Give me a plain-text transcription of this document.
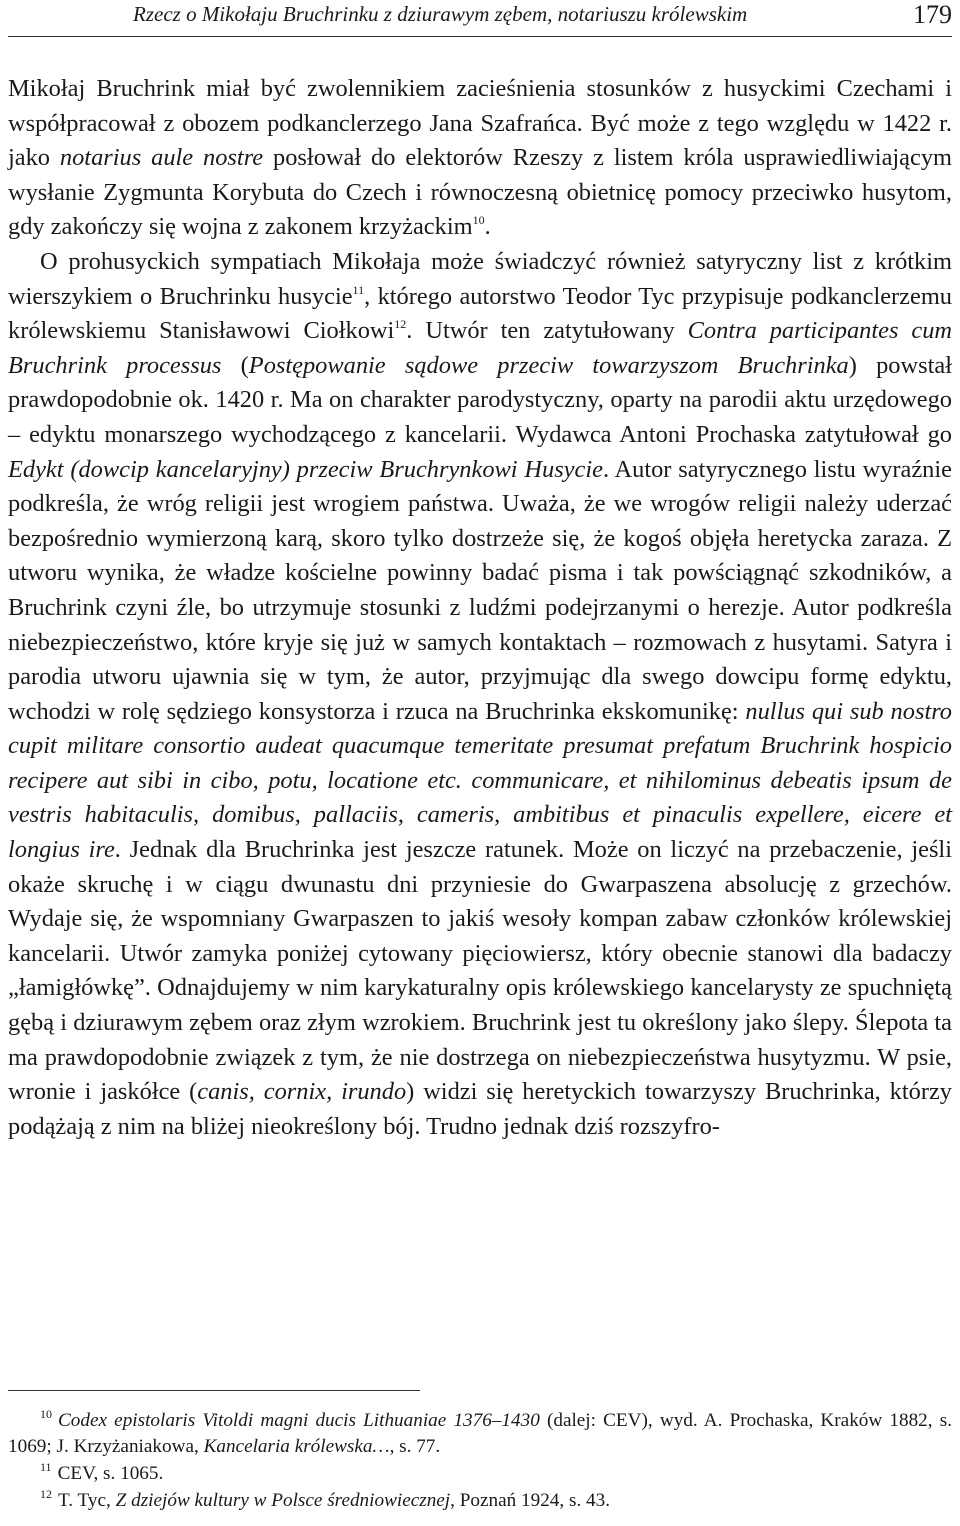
Rzecz o Mikołaju Bruchrinku z dziurawym zębem, notariuszu królewskim	179

Mikołaj Bruchrink miał być zwolennikiem zacieśnienia stosunków z husyckimi Czechami i współpracował z obozem podkanclerzego Jana Szafrańca. Być może z tego względu w 1422 r. jako notarius aule nostre posłował do elektorów Rzeszy z listem króla usprawiedliwiającym wysłanie Zygmunta Korybuta do Czech i równoczesną obietnicę pomocy przeciwko husytom, gdy zakończy się wojna z zakonem krzyżackim$^{10}$.

O prohusyckich sympatiach Mikołaja może świadczyć również satyryczny list z krótkim wierszykiem o Bruchrinku husycie$^{11}$, którego autorstwo Teodor Tyc przypisuje podkanclerzemu królewskiemu Stanisławowi Ciołkowi$^{12}$. Utwór ten zatytułowany Contra participantes cum Bruchrink processus (Postępowanie sądowe przeciw towarzyszom Bruchrinka) powstał prawdopodobnie ok. 1420 r. Ma on charakter parodystyczny, oparty na parodii aktu urzędowego – edyktu monarszego wychodzącego z kancelarii. Wydawca Antoni Prochaska zatytułował go Edykt (dowcip kancelaryjny) przeciw Bruchrynkowi Husycie. Autor satyrycznego listu wyraźnie podkreśla, że wróg religii jest wrogiem państwa. Uważa, że we wrogów religii należy uderzać bezpośrednio wymierzoną karą, skoro tylko dostrzeże się, że kogoś objęła heretycka zaraza. Z utworu wynika, że władze kościelne powinny badać pisma i tak powściągnąć szkodników, a Bruchrink czyni źle, bo utrzymuje stosunki z ludźmi podejrzanymi o herezje. Autor podkreśla niebezpieczeństwo, które kryje się już w samych kontaktach – rozmowach z husytami. Satyra i parodia utworu ujawnia się w tym, że autor, przyjmując dla swego dowcipu formę edyktu, wchodzi w rolę sędziego konsystorza i rzuca na Bruchrinka ekskomunikę: nullus qui sub nostro cupit militare consortio audeat quacumque temeritate presumat prefatum Bruchrink hospicio recipere aut sibi in cibo, potu, locatione etc. communicare, et nihilominus debeatis ipsum de vestris habitaculis, domibus, pallaciis, cameris, ambitibus et pinaculis expellere, eicere et longius ire. Jednak dla Bruchrinka jest jeszcze ratunek. Może on liczyć na przebaczenie, jeśli okaże skruchę i w ciągu dwunastu dni przyniesie do Gwarpaszena absolucję z grzechów. Wydaje się, że wspomniany Gwarpaszen to jakiś wesoły kompan zabaw członków królewskiej kancelarii. Utwór zamyka poniżej cytowany pięciowiersz, który obecnie stanowi dla badaczy „łamigłówkę”. Odnajdujemy w nim karykaturalny opis królewskiego kancelarysty ze spuchniętą gębą i dziurawym zębem oraz złym wzrokiem. Bruchrink jest tu określony jako ślepy. Ślepota ta ma prawdopodobnie związek z tym, że nie dostrzega on niebezpieczeństwa husytyzmu. W psie, wronie i jaskółce (canis, cornix, irundo) widzi się heretyckich towarzyszy Bruchrinka, którzy podążają z nim na bliżej nieokreślony bój. Trudno jednak dziś rozszyfro-

$^{10}$ Codex epistolaris Vitoldi magni ducis Lithuaniae 1376–1430 (dalej: CEV), wyd. A. Prochaska, Kraków 1882, s. 1069; J. Krzyżaniakowa, Kancelaria królewska…, s. 77.

$^{11}$ CEV, s. 1065.

$^{12}$ T. Tyc, Z dziejów kultury w Polsce średniowiecznej, Poznań 1924, s. 43.
